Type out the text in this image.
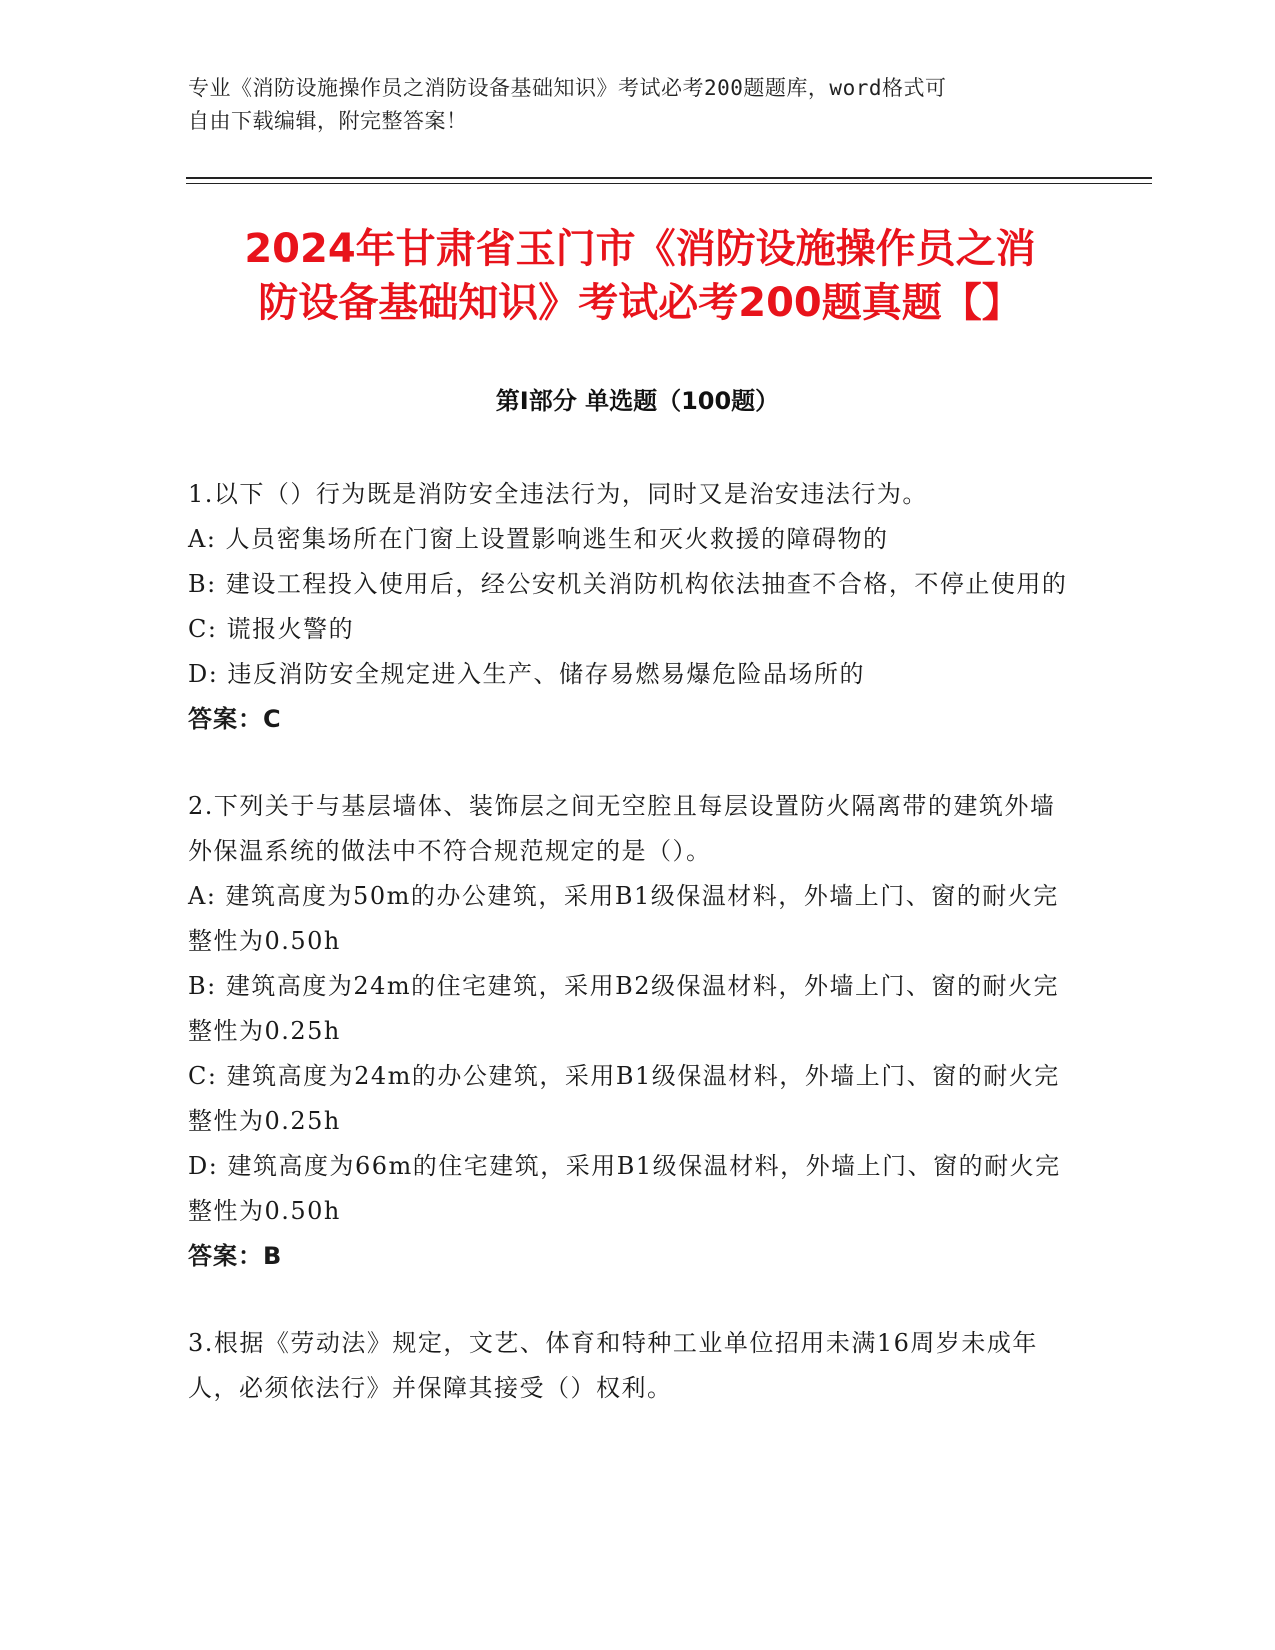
专业《消防设施操作员之消防设备基础知识》考试必考200题题库，word格式可
自由下载编辑，附完整答案！
2024年甘肃省玉门市《消防设施操作员之消
防设备基础知识》考试必考200题真题【】
第Ⅰ部分 单选题（100题）
1.以下（）行为既是消防安全违法行为，同时又是治安违法行为。
A: 人员密集场所在门窗上设置影响逃生和灭火救援的障碍物的
B: 建设工程投入使用后，经公安机关消防机构依法抽查不合格，不停止使用的
C: 谎报火警的
D: 违反消防安全规定进入生产、储存易燃易爆危险品场所的
答案：C
2.下列关于与基层墙体、装饰层之间无空腔且每层设置防火隔离带的建筑外墙外保温系统的做法中不符合规范规定的是（）。
A: 建筑高度为50m的办公建筑，采用B1级保温材料，外墙上门、窗的耐火完整性为0.50h
B: 建筑高度为24m的住宅建筑，采用B2级保温材料，外墙上门、窗的耐火完整性为0.25h
C: 建筑高度为24m的办公建筑，采用B1级保温材料，外墙上门、窗的耐火完整性为0.25h
D: 建筑高度为66m的住宅建筑，采用B1级保温材料，外墙上门、窗的耐火完整性为0.50h
答案：B
3.根据《劳动法》规定，文艺、体育和特种工业单位招用未满16周岁未成年人，必须依法行》并保障其接受（）权利。
